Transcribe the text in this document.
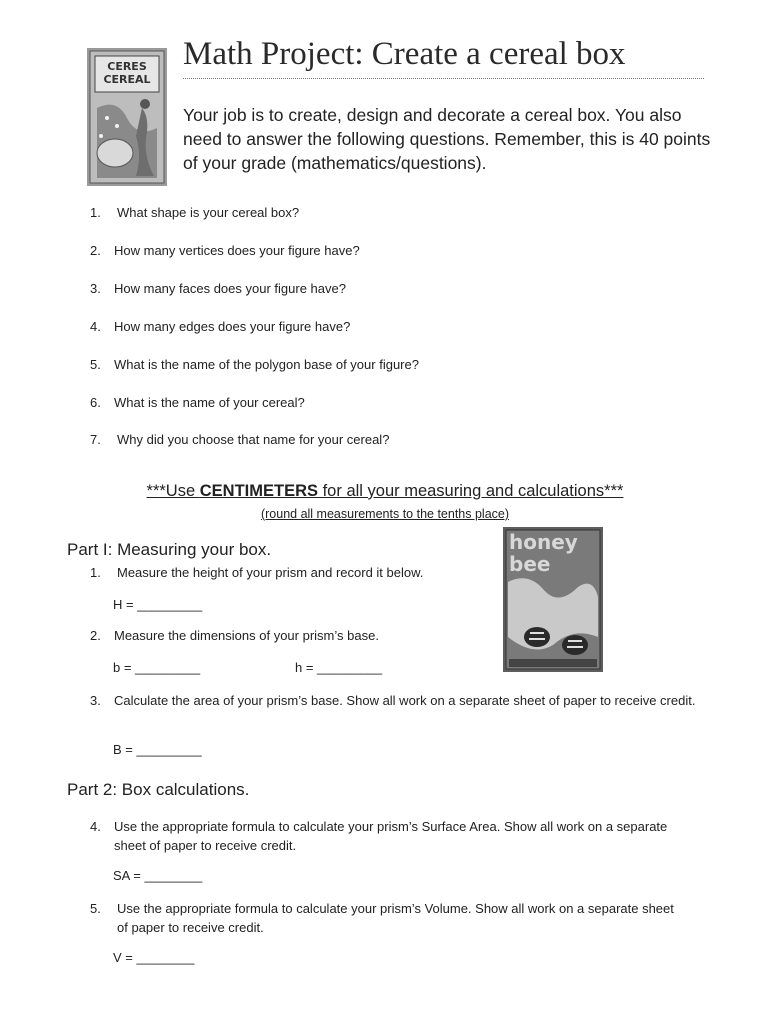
CERES CEREAL
Math Project: Create a cereal box
Your job is to create, design and decorate a cereal box. You also need to answer the following questions. Remember, this is 40 points of your grade (mathematics/questions).
1. What shape is your cereal box?
2. How many vertices does your figure have?
3. How many faces does your figure have?
4. How many edges does your figure have?
5. What is the name of the polygon base of your figure?
6. What is the name of your cereal?
7. Why did you choose that name for your cereal?
***Use CENTIMETERS for all your measuring and calculations***
(round all measurements to the tenths place)
Part I: Measuring your box.
1. Measure the height of your prism and record it below.
H = _________
2. Measure the dimensions of your prism’s base.
b = _________	h = _________
3. Calculate the area of your prism’s base. Show all work on a separate sheet of paper to receive credit.
B = _________
honey bee
Part 2: Box calculations.
4. Use the appropriate formula to calculate your prism’s Surface Area. Show all work on a separate sheet of paper to receive credit.
SA = ________
5. Use the appropriate formula to calculate your prism’s Volume. Show all work on a separate sheet of paper to receive credit.
V = ________
